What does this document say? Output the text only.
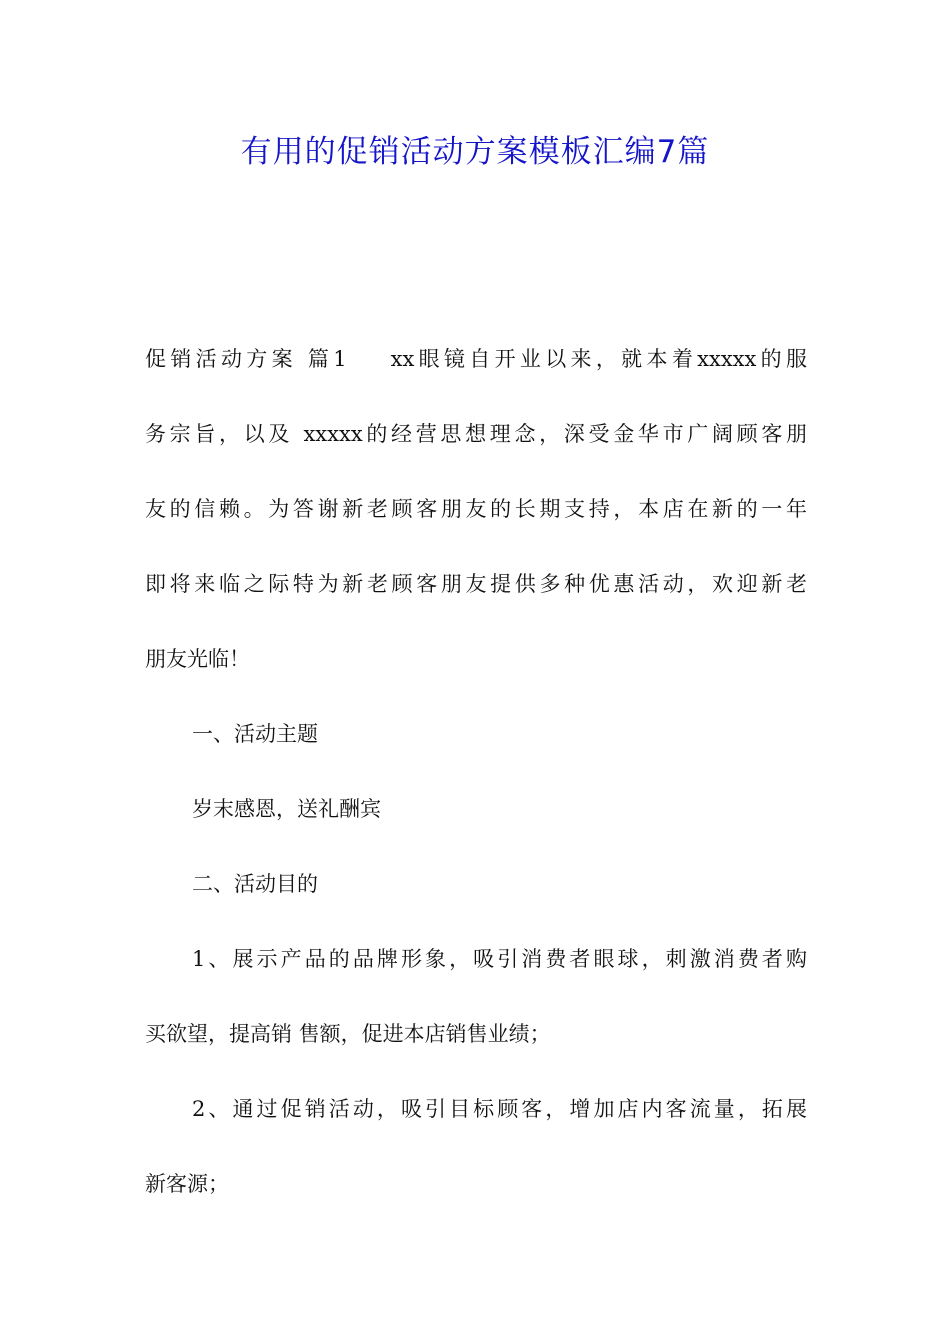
有用的促销活动方案模板汇编7篇
促销活动方案 篇1 xx眼镜自开业以来，就本着xxxxx的服
务宗旨，以及 xxxxx的经营思想理念，深受金华市广阔顾客朋
友的信赖。为答谢新老顾客朋友的长期支持，本店在新的一年
即将来临之际特为新老顾客朋友提供多种优惠活动，欢迎新老
朋友光临！
一、活动主题
岁末感恩，送礼酬宾
二、活动目的
1、展示产品的品牌形象，吸引消费者眼球，刺激消费者购
买欲望，提高销 售额，促进本店销售业绩；
2、通过促销活动，吸引目标顾客，增加店内客流量，拓展
新客源；
